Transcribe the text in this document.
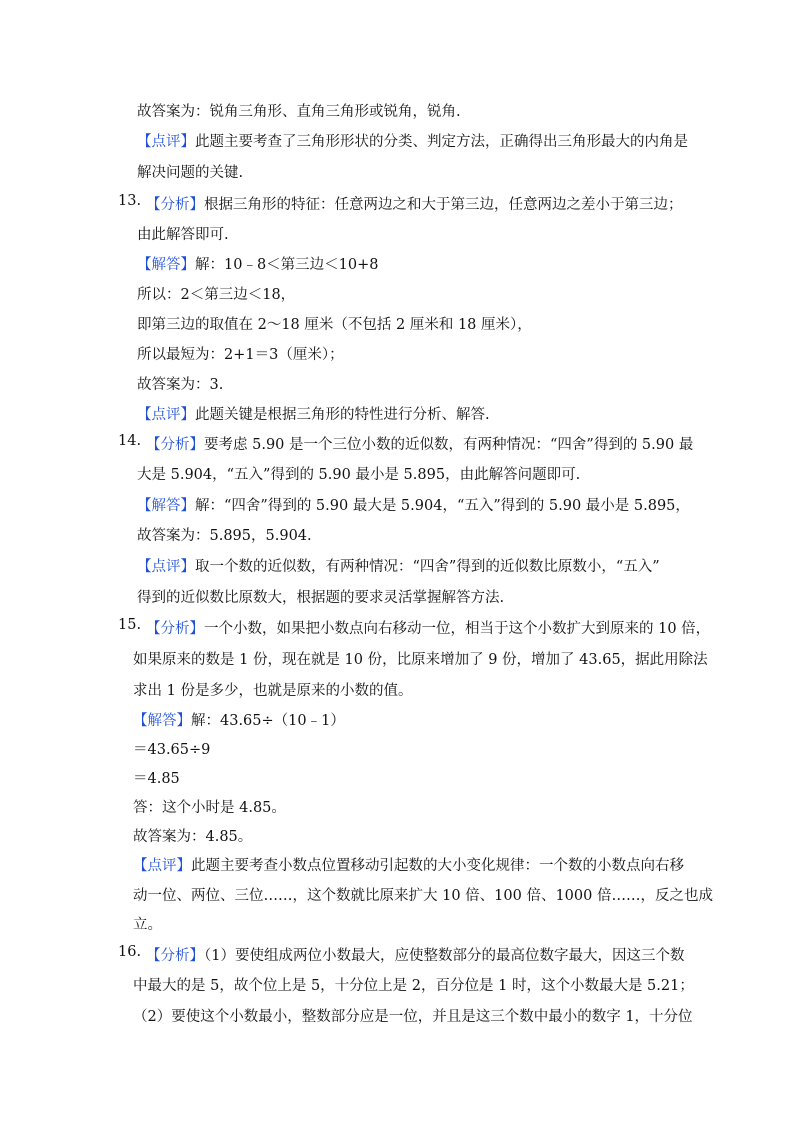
故答案为：锐角三角形、直角三角形或锐角，锐角.
【点评】此题主要考查了三角形形状的分类、判定方法，正确得出三角形最大的内角是
解决问题的关键.
13. 【分析】根据三角形的特征：任意两边之和大于第三边，任意两边之差小于第三边；
由此解答即可.
【解答】解：10﹣8＜第三边＜10+8
所以：2＜第三边＜18，
即第三边的取值在 2～18 厘米（不包括 2 厘米和 18 厘米），
所以最短为：2+1＝3（厘米）；
故答案为：3.
【点评】此题关键是根据三角形的特性进行分析、解答.
14. 【分析】要考虑 5.90 是一个三位小数的近似数，有两种情况：“四舍”得到的 5.90 最
大是 5.904，“五入”得到的 5.90 最小是 5.895，由此解答问题即可.
【解答】解：“四舍”得到的 5.90 最大是 5.904，“五入”得到的 5.90 最小是 5.895，
故答案为：5.895，5.904.
【点评】取一个数的近似数，有两种情况：“四舍”得到的近似数比原数小，“五入”
得到的近似数比原数大，根据题的要求灵活掌握解答方法.
15. 【分析】一个小数，如果把小数点向右移动一位，相当于这个小数扩大到原来的 10 倍，
如果原来的数是 1 份，现在就是 10 份，比原来增加了 9 份，增加了 43.65，据此用除法
求出 1 份是多少，也就是原来的小数的值。
【解答】解：43.65÷（10﹣1）
＝43.65÷9
＝4.85
答：这个小时是 4.85。
故答案为：4.85。
【点评】此题主要考查小数点位置移动引起数的大小变化规律：一个数的小数点向右移
动一位、两位、三位……，这个数就比原来扩大 10 倍、100 倍、1000 倍……，反之也成
立。
16. 【分析】（1）要使组成两位小数最大，应使整数部分的最高位数字最大，因这三个数
中最大的是 5，故个位上是 5，十分位上是 2，百分位是 1 时，这个小数最大是 5.21；
（2）要使这个小数最小，整数部分应是一位，并且是这三个数中最小的数字 1，十分位
